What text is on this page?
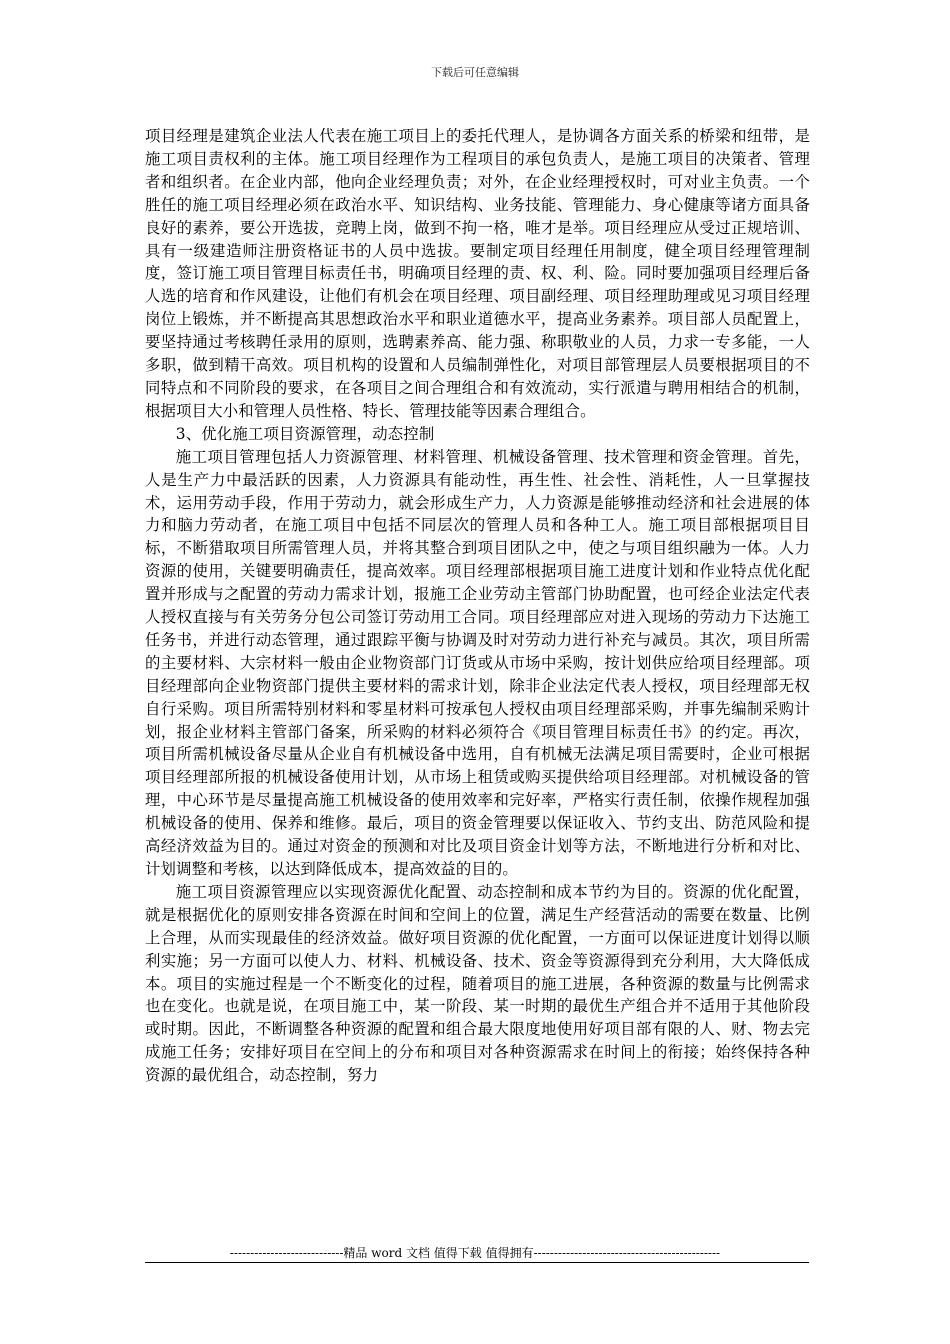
下载后可任意编辑

项目经理是建筑企业法人代表在施工项目上的委托代理人，是协调各方面关系的桥梁和纽带，是施工项目责权利的主体。施工项目经理作为工程项目的承包负责人，是施工项目的决策者、管理者和组织者。在企业内部，他向企业经理负责；对外，在企业经理授权时，可对业主负责。一个胜任的施工项目经理必须在政治水平、知识结构、业务技能、管理能力、身心健康等诸方面具备良好的素养，要公开选拔，竞聘上岗，做到不拘一格，唯才是举。项目经理应从受过正规培训、具有一级建造师注册资格证书的人员中选拔。要制定项目经理任用制度，健全项目经理管理制度，签订施工项目管理目标责任书，明确项目经理的责、权、利、险。同时要加强项目经理后备人选的培育和作风建设，让他们有机会在项目经理、项目副经理、项目经理助理或见习项目经理岗位上锻炼，并不断提高其思想政治水平和职业道德水平，提高业务素养。项目部人员配置上，要坚持通过考核聘任录用的原则，选聘素养高、能力强、称职敬业的人员，力求一专多能，一人多职，做到精干高效。项目机构的设置和人员编制弹性化，对项目部管理层人员要根据项目的不同特点和不同阶段的要求，在各项目之间合理组合和有效流动，实行派遣与聘用相结合的机制，根据项目大小和管理人员性格、特长、管理技能等因素合理组合。

3、优化施工项目资源管理，动态控制

施工项目管理包括人力资源管理、材料管理、机械设备管理、技术管理和资金管理。首先，人是生产力中最活跃的因素，人力资源具有能动性，再生性、社会性、消耗性，人一旦掌握技术，运用劳动手段，作用于劳动力，就会形成生产力，人力资源是能够推动经济和社会进展的体力和脑力劳动者，在施工项目中包括不同层次的管理人员和各种工人。施工项目部根据项目目标，不断猎取项目所需管理人员，并将其整合到项目团队之中，使之与项目组织融为一体。人力资源的使用，关键要明确责任，提高效率。项目经理部根据项目施工进度计划和作业特点优化配置并形成与之配置的劳动力需求计划，报施工企业劳动主管部门协助配置，也可经企业法定代表人授权直接与有关劳务分包公司签订劳动用工合同。项目经理部应对进入现场的劳动力下达施工任务书，并进行动态管理，通过跟踪平衡与协调及时对劳动力进行补充与减员。其次，项目所需的主要材料、大宗材料一般由企业物资部门订货或从市场中采购，按计划供应给项目经理部。项目经理部向企业物资部门提供主要材料的需求计划，除非企业法定代表人授权，项目经理部无权自行采购。项目所需特别材料和零星材料可按承包人授权由项目经理部采购，并事先编制采购计划，报企业材料主管部门备案，所采购的材料必须符合《项目管理目标责任书》的约定。再次，项目所需机械设备尽量从企业自有机械设备中选用，自有机械无法满足项目需要时，企业可根据项目经理部所报的机械设备使用计划，从市场上租赁或购买提供给项目经理部。对机械设备的管理，中心环节是尽量提高施工机械设备的使用效率和完好率，严格实行责任制，依操作规程加强机械设备的使用、保养和维修。最后，项目的资金管理要以保证收入、节约支出、防范风险和提高经济效益为目的。通过对资金的预测和对比及项目资金计划等方法，不断地进行分析和对比、计划调整和考核，以达到降低成本，提高效益的目的。

施工项目资源管理应以实现资源优化配置、动态控制和成本节约为目的。资源的优化配置，就是根据优化的原则安排各资源在时间和空间上的位置，满足生产经营活动的需要在数量、比例上合理，从而实现最佳的经济效益。做好项目资源的优化配置，一方面可以保证进度计划得以顺利实施；另一方面可以使人力、材料、机械设备、技术、资金等资源得到充分利用，大大降低成本。项目的实施过程是一个不断变化的过程，随着项目的施工进展，各种资源的数量与比例需求也在变化。也就是说，在项目施工中，某一阶段、某一时期的最优生产组合并不适用于其他阶段或时期。因此，不断调整各种资源的配置和组合最大限度地使用好项目部有限的人、财、物去完成施工任务；安排好项目在空间上的分布和项目对各种资源需求在时间上的衔接；始终保持各种资源的最优组合，动态控制，努力

----------------------------精品 word 文档 值得下载 值得拥有----------------------------------------------
